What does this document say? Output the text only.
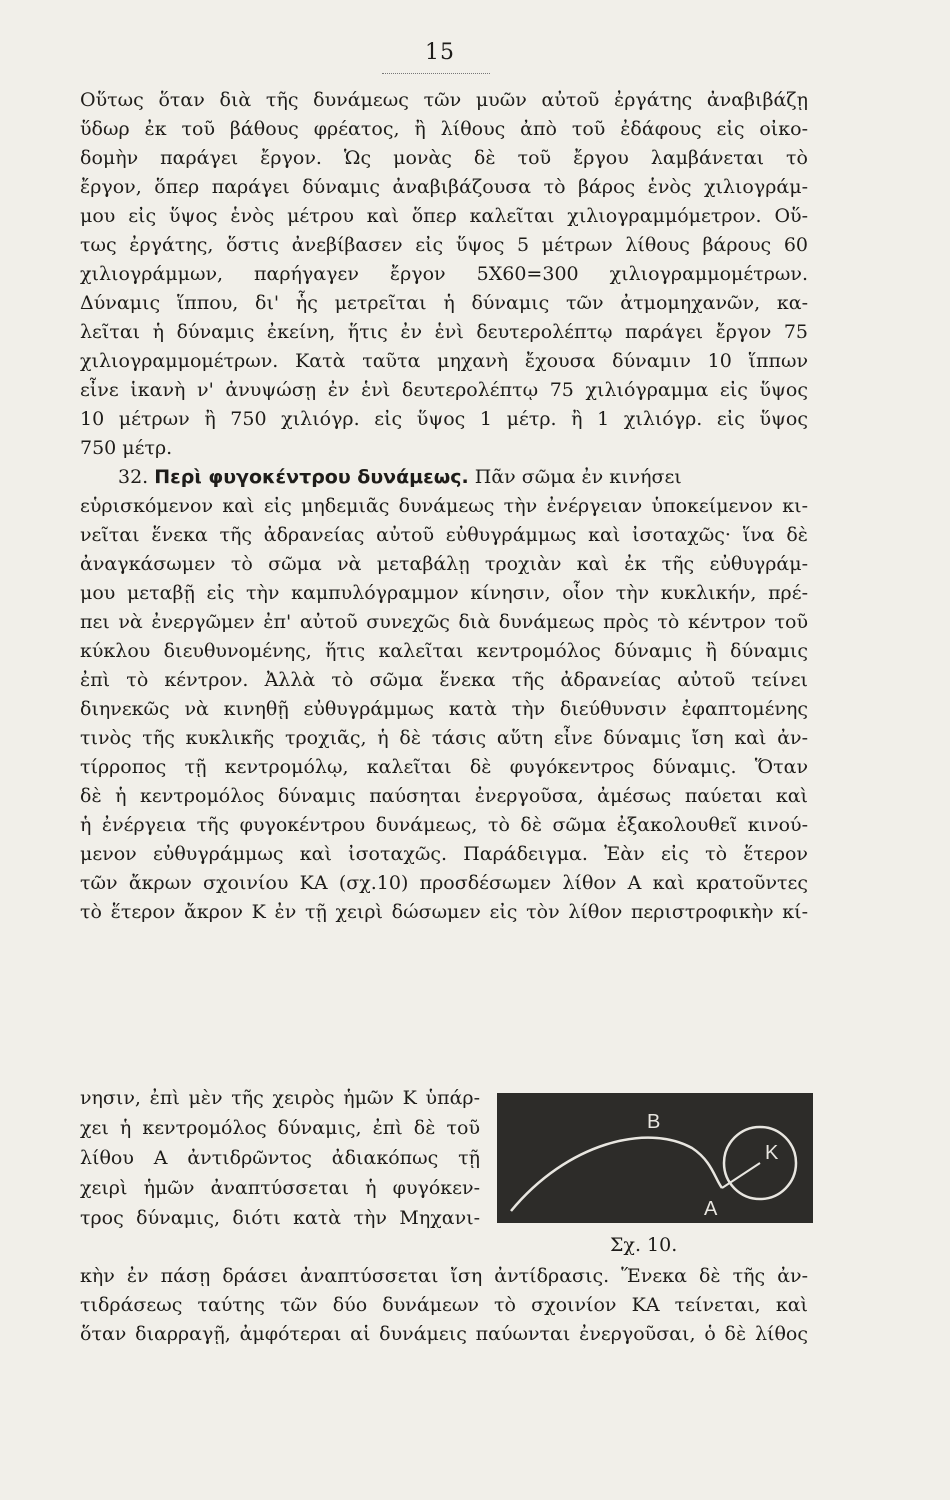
15
Οὕτως ὅταν διὰ τῆς δυνάμεως τῶν μυῶν αὐτοῦ ἐργάτης ἀναβιβάζῃ
ὕδωρ ἐκ τοῦ βάθους φρέατος, ἢ λίθους ἀπὸ τοῦ ἐδάφους εἰς οἰκο-
δομὴν παράγει ἔργον. Ὡς μονὰς δὲ τοῦ ἔργου λαμβάνεται τὸ
ἔργον, ὅπερ παράγει δύναμις ἀναβιβάζουσα τὸ βάρος ἑνὸς χιλιογράμ-
μου εἰς ὕψος ἑνὸς μέτρου καὶ ὅπερ καλεῖται χιλιογραμμόμετρον. Οὕ-
τως ἐργάτης, ὅστις ἀνεβίβασεν εἰς ὕψος 5 μέτρων λίθους βάρους 60
χιλιογράμμων, παρήγαγεν ἔργον 5Χ60=300 χιλιογραμμομέτρων.
Δύναμις ἵππου, δι' ἧς μετρεῖται ἡ δύναμις τῶν ἀτμομηχανῶν, κα-
λεῖται ἡ δύναμις ἐκείνη, ἥτις ἐν ἑνὶ δευτερολέπτῳ παράγει ἔργον 75
χιλιογραμμομέτρων. Κατὰ ταῦτα μηχανὴ ἔχουσα δύναμιν 10 ἵππων
εἶνε ἱκανὴ ν' ἀνυψώσῃ ἐν ἑνὶ δευτερολέπτῳ 75 χιλιόγραμμα εἰς ὕψος
10 μέτρων ἢ 750 χιλιόγρ. εἰς ὕψος 1 μέτρ. ἢ 1 χιλιόγρ. εἰς ὕψος
750 μέτρ.
32. Περὶ φυγοκέντρου δυνάμεως. Πᾶν σῶμα ἐν κινήσει
εὑρισκόμενον καὶ εἰς μηδεμιᾶς δυνάμεως τὴν ἐνέργειαν ὑποκείμενον κι-
νεῖται ἕνεκα τῆς ἀδρανείας αὐτοῦ εὐθυγράμμως καὶ ἰσοταχῶς· ἵνα δὲ
ἀναγκάσωμεν τὸ σῶμα νὰ μεταβάλῃ τροχιὰν καὶ ἐκ τῆς εὐθυγράμ-
μου μεταβῇ εἰς τὴν καμπυλόγραμμον κίνησιν, οἷον τὴν κυκλικήν, πρέ-
πει νὰ ἐνεργῶμεν ἐπ' αὐτοῦ συνεχῶς διὰ δυνάμεως πρὸς τὸ κέντρον τοῦ
κύκλου διευθυνομένης, ἥτις καλεῖται κεντρομόλος δύναμις ἢ δύναμις
ἐπὶ τὸ κέντρον. Ἀλλὰ τὸ σῶμα ἕνεκα τῆς ἀδρανείας αὐτοῦ τείνει
διηνεκῶς νὰ κινηθῇ εὐθυγράμμως κατὰ τὴν διεύθυνσιν ἐφαπτομένης
τινὸς τῆς κυκλικῆς τροχιᾶς, ἡ δὲ τάσις αὕτη εἶνε δύναμις ἴση καὶ ἀν-
τίρροπος τῇ κεντρομόλῳ, καλεῖται δὲ φυγόκεντρος δύναμις. Ὅταν
δὲ ἡ κεντρομόλος δύναμις παύσηται ἐνεργοῦσα, ἀμέσως παύεται καὶ
ἡ ἐνέργεια τῆς φυγοκέντρου δυνάμεως, τὸ δὲ σῶμα ἐξακολουθεῖ κινού-
μενον εὐθυγράμμως καὶ ἰσοταχῶς. Παράδειγμα. Ἐὰν εἰς τὸ ἕτερον
τῶν ἄκρων σχοινίου ΚΑ (σχ.10) προσδέσωμεν λίθον Α καὶ κρατοῦντες
τὸ ἕτερον ἄκρον Κ ἐν τῇ χειρὶ δώσωμεν εἰς τὸν λίθον περιστροφικὴν κί-
νησιν, ἐπὶ μὲν τῆς χειρὸς ἡμῶν Κ ὑπάρ-
χει ἡ κεντρομόλος δύναμις, ἐπὶ δὲ τοῦ
λίθου Α ἀντιδρῶντος ἀδιακόπως τῇ
χειρὶ ἡμῶν ἀναπτύσσεται ἡ φυγόκεν-
τρος δύναμις, διότι κατὰ τὴν Μηχανι-
B
K
A
Σχ. 10.
κὴν ἐν πάσῃ δράσει ἀναπτύσσεται ἴση ἀντίδρασις. Ἕνεκα δὲ τῆς ἀν-
τιδράσεως ταύτης τῶν δύο δυνάμεων τὸ σχοινίον ΚΑ τείνεται, καὶ
ὅταν διαρραγῇ, ἀμφότεραι αἱ δυνάμεις παύωνται ἐνεργοῦσαι, ὁ δὲ λίθος
